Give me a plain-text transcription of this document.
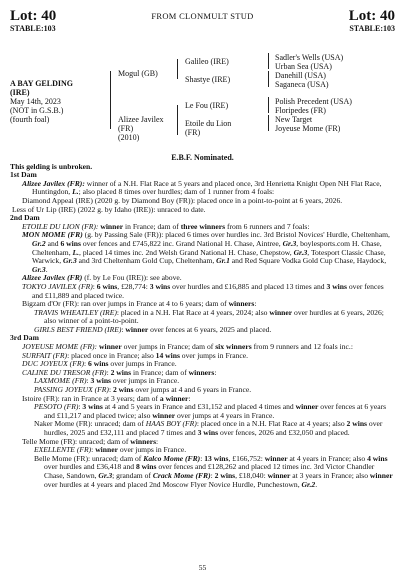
Lot: 40
STABLE:103
FROM CLONMULT STUD	Lot: 40
STABLE:103
A BAY GELDING
(IRE)
May 14th, 2023
(NOT in G.S.B.)
(fourth foal)
Mogul (GB)
Alizee Javilex
(FR)
(2010)
Galileo (IRE)
Shastye (IRE)
Le Fou (IRE)
Etoile du Lion
(FR)
Sadler's Wells (USA)
Urban Sea (USA)
Danehill (USA)
Saganeca (USA)
Polish Precedent (USA)
Floripedes (FR)
New Target
Joyeuse Mome (FR)

E.B.F. Nominated.

This gelding is unbroken.

1st Dam

Alizee Javilex (FR): winner of a N.H. Flat Race at 5 years and placed once, 3rd Henrietta Knight Open NH Flat Race, Huntingdon, L.; also placed 8 times over hurdles; dam of 1 runner from 4 foals:

Diamond Appeal (IRE) (2020 g. by Diamond Boy (FR)): placed once in a point-to-point at 6 years, 2026.

Less of Ur Lip (IRE) (2022 g. by Idaho (IRE)): unraced to date.

2nd Dam

ETOILE DU LION (FR): winner in France; dam of three winners from 6 runners and 7 foals:

MON MOME (FR) (g. by Passing Sale (FR)): placed 6 times over hurdles inc. 3rd Bristol Novices' Hurdle, Cheltenham, Gr.2 and 6 wins over fences and £745,822 inc. Grand National H. Chase, Aintree, Gr.3, boylesports.com H. Chase, Cheltenham, L., placed 14 times inc. 2nd Welsh Grand National H. Chase, Chepstow, Gr.3, Totesport Classic Chase, Warwick, Gr.3 and 3rd Cheltenham Gold Cup, Cheltenham, Gr.1 and Red Square Vodka Gold Cup Chase, Haydock, Gr.3.

Alizee Javilex (FR) (f. by Le Fou (IRE)): see above.

TOKYO JAVILEX (FR): 6 wins, £28,774: 3 wins over hurdles and £16,885 and placed 13 times and 3 wins over fences and £11,889 and placed twice.

Bigzam d'Or (FR): ran over jumps in France at 4 to 6 years; dam of winners:

TRAVIS WHEATLEY (IRE): placed in a N.H. Flat Race at 4 years, 2024; also winner over hurdles at 6 years, 2026; also winner of a point-to-point.

GIRLS BEST FRIEND (IRE): winner over fences at 6 years, 2025 and placed.

3rd Dam

JOYEUSE MOME (FR): winner over jumps in France; dam of six winners from 9 runners and 12 foals inc.:

SURFAIT (FR): placed once in France; also 14 wins over jumps in France.

DUC JOYEUX (FR): 6 wins over jumps in France.

CALINE DU TRESOR (FR): 2 wins in France; dam of winners:

LAXMOME (FR): 3 wins over jumps in France.

PASSING JOYEUX (FR): 2 wins over jumps at 4 and 6 years in France.

Istoire (FR): ran in France at 3 years; dam of a winner:

PESOTO (FR): 3 wins at 4 and 5 years in France and £31,152 and placed 4 times and winner over fences at 6 years and £11,217 and placed twice; also winner over jumps at 4 years in France.

Naker Mome (FR): unraced; dam of HAAS BOY (FR): placed once in a N.H. Flat Race at 4 years; also 2 wins over hurdles, 2025 and £32,111 and placed 7 times and 3 wins over fences, 2026 and £32,050 and placed.

Telle Mome (FR): unraced; dam of winners:

EXELLENTE (FR): winner over jumps in France.

Belle Mome (FR): unraced; dam of Kalco Mome (FR): 13 wins, £166,752: winner at 4 years in France; also 4 wins over hurdles and £36,418 and 8 wins over fences and £128,262 and placed 12 times inc. 3rd Victor Chandler Chase, Sandown, Gr.3; grandam of Crack Mome (FR): 2 wins, £18,040: winner at 3 years in France; also winner over hurdles at 4 years and placed 2nd Moscow Flyer Novice Hurdle, Punchestown, Gr.2.

55
